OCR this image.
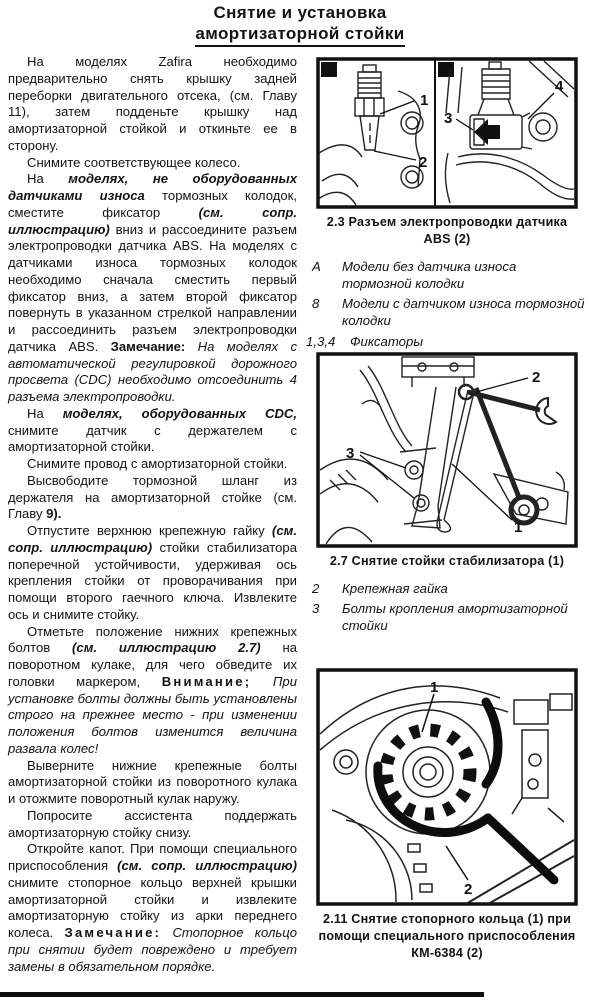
Снятие и установка
амортизаторной стойки

На моделях Zafira необходимо предварительно снять крышку задней переборки двигательного отсека, (см. Главу 11), затем подденьте крышку над амортизаторной стойкой и откиньте ее в сторону.

Снимите соответствующее колесо.

На моделях, не оборудованных датчиками износа тормозных колодок, сместите фиксатор (см. сопр. иллюстрацию) вниз и рассоедините разъем электропроводки датчика ABS. На моделях с датчиками износа тормозных колодок необходимо сначала сместить первый фиксатор вниз, а затем второй фиксатор повернуть в указанном стрелкой направлении и рассоединить разъем электропроводки датчика ABS. Замечание: На моделях с автоматической регулировкой дорожного просвета (CDC) необходимо отсоединить 4 разъема электропроводки.

На моделях, оборудованных CDC, снимите датчик с держателем с амортизаторной стойки.

Снимите провод с амортизаторной стойки.

Высвободите тормозной шланг из держателя на амортизаторной стойке (см. Главу 9).

Отпустите верхнюю крепежную гайку (см. сопр. иллюстрацию) стойки стабилизатора поперечной устойчивости, удерживая ось крепления стойки от проворачивания при помощи второго гаечного ключа. Извлеките ось и снимите стойку.

Отметьте положение нижних крепежных болтов (см. иллюстрацию 2.7) на поворотном кулаке, для чего обведите их головки маркером, Внимание; При установке болты должны быть установлены строго на прежнее место - при изменении положения болтов изменится величина развала колес!

Выверните нижние крепежные болты амортизаторной стойки из поворотного кулака и отожмите поворотный кулак наружу.

Попросите ассистента поддержать амортизаторную стойку снизу.

Откройте капот. При помощи специального приспособления (см. сопр. иллюстрацию) снимите стопорное кольцо верхней крышки амортизаторной стойки и извлеките амортизаторную стойку из арки переднего колеса. Замечание: Стопорное кольцо при снятии будет повреждено и требует замены в обязательном порядке.

A
1
2
B
3
4
2.3 Разъем электропроводки датчика
ABS (2)
A	Модели без датчика износа тормозной колодки
8	Модели с датчиком износа тормозной колодки
1,3,4	Фиксаторы
2
3
1
2.7 Снятие стойки стабилизатора (1)
2	Крепежная гайка
3	Болты кропления амортизаторной стойки
1
2
2.11 Снятие стопорного кольца (1) при
помощи специального приспособления
КМ-6384 (2)
